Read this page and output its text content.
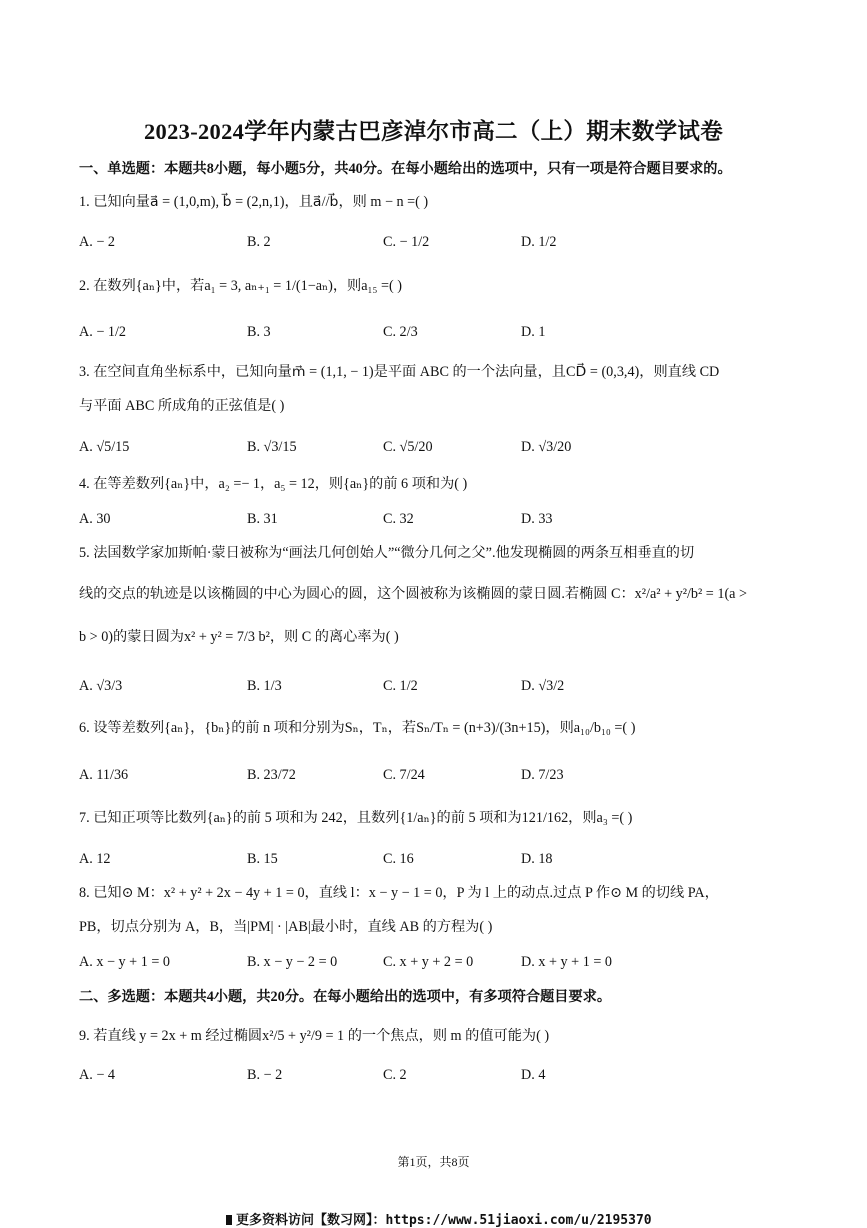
2023-2024学年内蒙古巴彦淖尔市高二（上）期末数学试卷
一、单选题：本题共8小题，每小题5分，共40分。在每小题给出的选项中，只有一项是符合题目要求的。
1. 已知向量a⃗ = (1,0,m), b⃗ = (2,n,1)，且a⃗//b⃗，则 m − n =( )
A. − 2	B. 2	C. − 1/2	D. 1/2
2. 在数列{aₙ}中，若a₁ = 3, aₙ₊₁ = 1/(1−aₙ)，则a₁₅ =( )
A. − 1/2	B. 3	C. 2/3	D. 1
3. 在空间直角坐标系中，已知向量m⃗ = (1,1, − 1)是平面 ABC 的一个法向量，且CD⃗ = (0,3,4)，则直线 CD
与平面 ABC 所成角的正弦值是( )
A. √5/15	B. √3/15	C. √5/20	D. √3/20
4. 在等差数列{aₙ}中，a₂ =− 1，a₅ = 12，则{aₙ}的前 6 项和为( )
A. 30	B. 31	C. 32	D. 33
5. 法国数学家加斯帕·蒙日被称为“画法几何创始人”“微分几何之父”.他发现椭圆的两条互相垂直的切
线的交点的轨迹是以该椭圆的中心为圆心的圆，这个圆被称为该椭圆的蒙日圆.若椭圆 C：x²/a² + y²/b² = 1(a >
b > 0)的蒙日圆为x² + y² = 7/3 b²，则 C 的离心率为( )
A. √3/3	B. 1/3	C. 1/2	D. √3/2
6. 设等差数列{aₙ}，{bₙ}的前 n 项和分别为Sₙ，Tₙ，若Sₙ/Tₙ = (n+3)/(3n+15)，则a₁₀/b₁₀ =( )
A. 11/36	B. 23/72	C. 7/24	D. 7/23
7. 已知正项等比数列{aₙ}的前 5 项和为 242，且数列{1/aₙ}的前 5 项和为121/162，则a₃ =( )
A. 12	B. 15	C. 16	D. 18
8. 已知⊙ M：x² + y² + 2x − 4y + 1 = 0，直线 l：x − y − 1 = 0，P 为 l 上的动点.过点 P 作⊙ M 的切线 PA，
PB，切点分别为 A，B，当|PM| · |AB|最小时，直线 AB 的方程为( )
A. x − y + 1 = 0	B. x − y − 2 = 0	C. x + y + 2 = 0	D. x + y + 1 = 0
二、多选题：本题共4小题，共20分。在每小题给出的选项中，有多项符合题目要求。
9. 若直线 y = 2x + m 经过椭圆x²/5 + y²/9 = 1 的一个焦点，则 m 的值可能为( )
A. − 4	B. − 2	C. 2	D. 4
第1页，共8页
更多资料访问【数习网】：https://www.51jiaoxi.com/u/2195370
